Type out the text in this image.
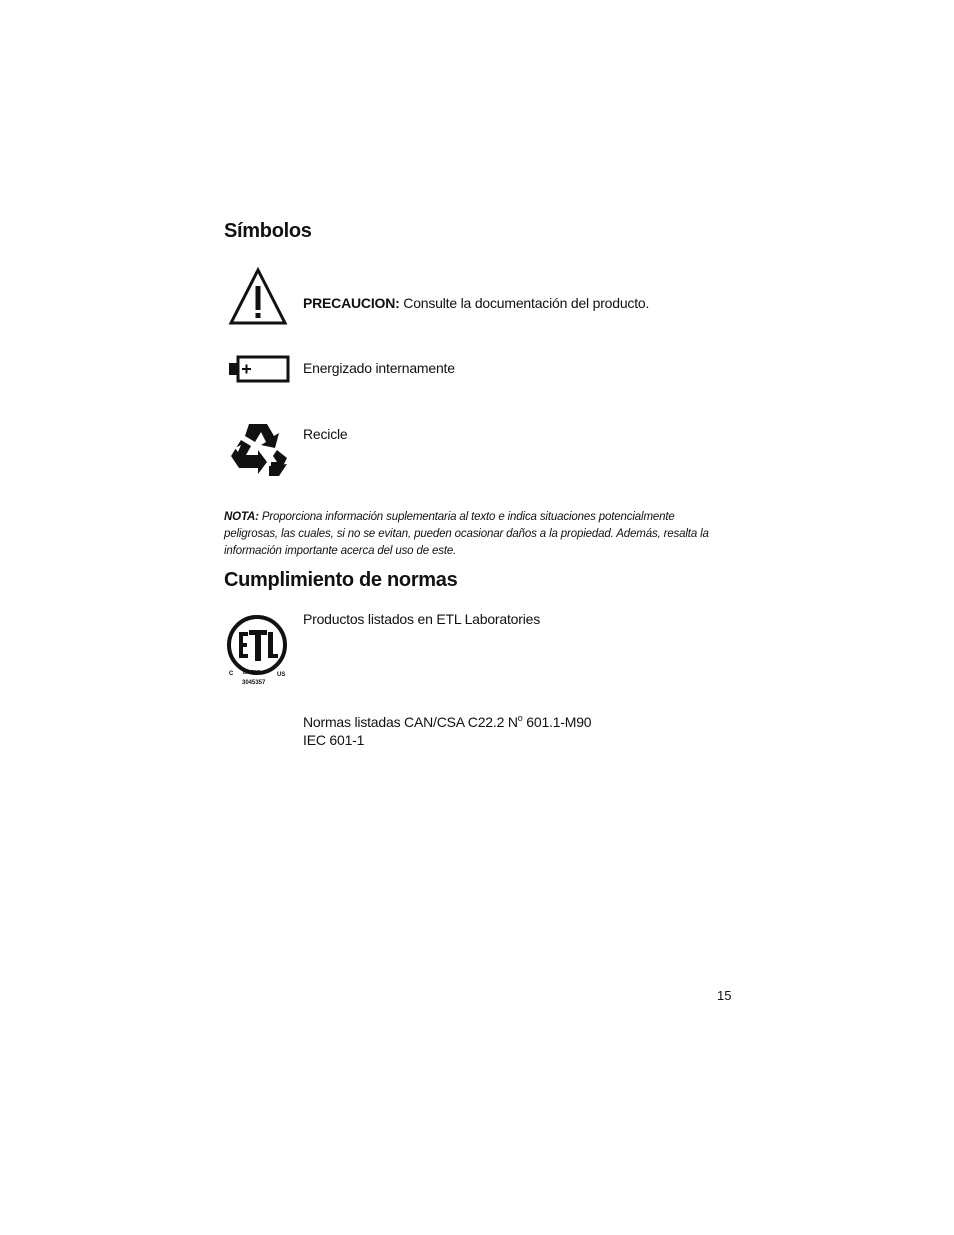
Símbolos
PRECAUCION: Consulte la documentación del producto.
Energizado internamente
Recicle
NOTA: Proporciona información suplementaria al texto e indica situaciones potencialmente peligrosas, las cuales, si no se evitan, pueden ocasionar daños a la propiedad. Además, resalta la información importante acerca del uso de este.
Cumplimiento de normas
C LISTED	US
3045357
Productos listados en ETL Laboratories
Normas listadas CAN/CSA C22.2 $N^o$ 601.1-M90
IEC 601-1
15
